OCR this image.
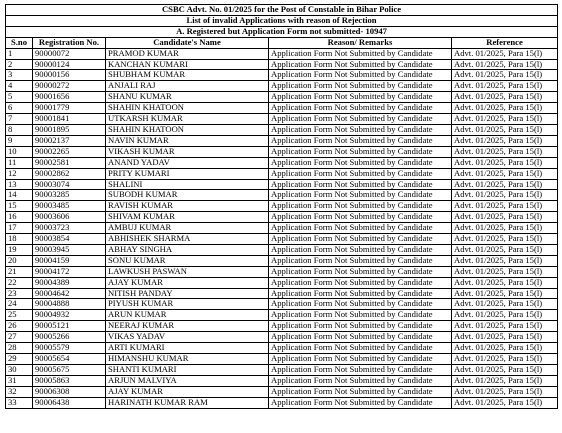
CSBC Advt. No. 01/2025 for the Post of Constable in Bihar Police				
List of invalid Applications with reason of Rejection				
A. Registered but Application Form not submitted- 10947				
S.no	Registration No.	Candidate's Name	Reason/ Remarks	Reference
1	90000072	PRAMOD KUMAR	Application Form Not Submitted by Candidate	Advt. 01/2025, Para 15(l)
2	90000124	KANCHAN KUMARI	Application Form Not Submitted by Candidate	Advt. 01/2025, Para 15(l)
3	90000156	SHUBHAM KUMAR	Application Form Not Submitted by Candidate	Advt. 01/2025, Para 15(l)
4	90000272	ANJALI RAJ	Application Form Not Submitted by Candidate	Advt. 01/2025, Para 15(l)
5	90001656	SHANU KUMAR	Application Form Not Submitted by Candidate	Advt. 01/2025, Para 15(l)
6	90001779	SHAHIN KHATOON	Application Form Not Submitted by Candidate	Advt. 01/2025, Para 15(l)
7	90001841	UTKARSH KUMAR	Application Form Not Submitted by Candidate	Advt. 01/2025, Para 15(l)
8	90001895	SHAHIN KHATOON	Application Form Not Submitted by Candidate	Advt. 01/2025, Para 15(l)
9	90002137	NAVIN KUMAR	Application Form Not Submitted by Candidate	Advt. 01/2025, Para 15(l)
10	90002265	VIKASH KUMAR	Application Form Not Submitted by Candidate	Advt. 01/2025, Para 15(l)
11	90002581	ANAND YADAV	Application Form Not Submitted by Candidate	Advt. 01/2025, Para 15(l)
12	90002862	PRITY KUMARI	Application Form Not Submitted by Candidate	Advt. 01/2025, Para 15(l)
13	90003074	SHALINI	Application Form Not Submitted by Candidate	Advt. 01/2025, Para 15(l)
14	90003285	SUBODH KUMAR	Application Form Not Submitted by Candidate	Advt. 01/2025, Para 15(l)
15	90003485	RAVISH KUMAR	Application Form Not Submitted by Candidate	Advt. 01/2025, Para 15(l)
16	90003606	SHIVAM KUMAR	Application Form Not Submitted by Candidate	Advt. 01/2025, Para 15(l)
17	90003723	AMBUJ KUMAR	Application Form Not Submitted by Candidate	Advt. 01/2025, Para 15(l)
18	90003854	ABHISHEK SHARMA	Application Form Not Submitted by Candidate	Advt. 01/2025, Para 15(l)
19	90003945	ABHAY SINGHA	Application Form Not Submitted by Candidate	Advt. 01/2025, Para 15(l)
20	90004159	SONU KUMAR	Application Form Not Submitted by Candidate	Advt. 01/2025, Para 15(l)
21	90004172	LAWKUSH PASWAN	Application Form Not Submitted by Candidate	Advt. 01/2025, Para 15(l)
22	90004389	AJAY KUMAR	Application Form Not Submitted by Candidate	Advt. 01/2025, Para 15(l)
23	90004642	NITISH PANDAY	Application Form Not Submitted by Candidate	Advt. 01/2025, Para 15(l)
24	90004888	PIYUSH KUMAR	Application Form Not Submitted by Candidate	Advt. 01/2025, Para 15(l)
25	90004932	ARUN KUMAR	Application Form Not Submitted by Candidate	Advt. 01/2025, Para 15(l)
26	90005121	NEERAJ KUMAR	Application Form Not Submitted by Candidate	Advt. 01/2025, Para 15(l)
27	90005266	VIKAS YADAV	Application Form Not Submitted by Candidate	Advt. 01/2025, Para 15(l)
28	90005579	ARTI KUMARI	Application Form Not Submitted by Candidate	Advt. 01/2025, Para 15(l)
29	90005654	HIMANSHU KUMAR	Application Form Not Submitted by Candidate	Advt. 01/2025, Para 15(l)
30	90005675	SHANTI KUMARI	Application Form Not Submitted by Candidate	Advt. 01/2025, Para 15(l)
31	90005863	ARJUN MALVIYA	Application Form Not Submitted by Candidate	Advt. 01/2025, Para 15(l)
32	90006308	AJAY KUMAR	Application Form Not Submitted by Candidate	Advt. 01/2025, Para 15(l)
33	90006438	HARINATH KUMAR RAM	Application Form Not Submitted by Candidate	Advt. 01/2025, Para 15(l)
